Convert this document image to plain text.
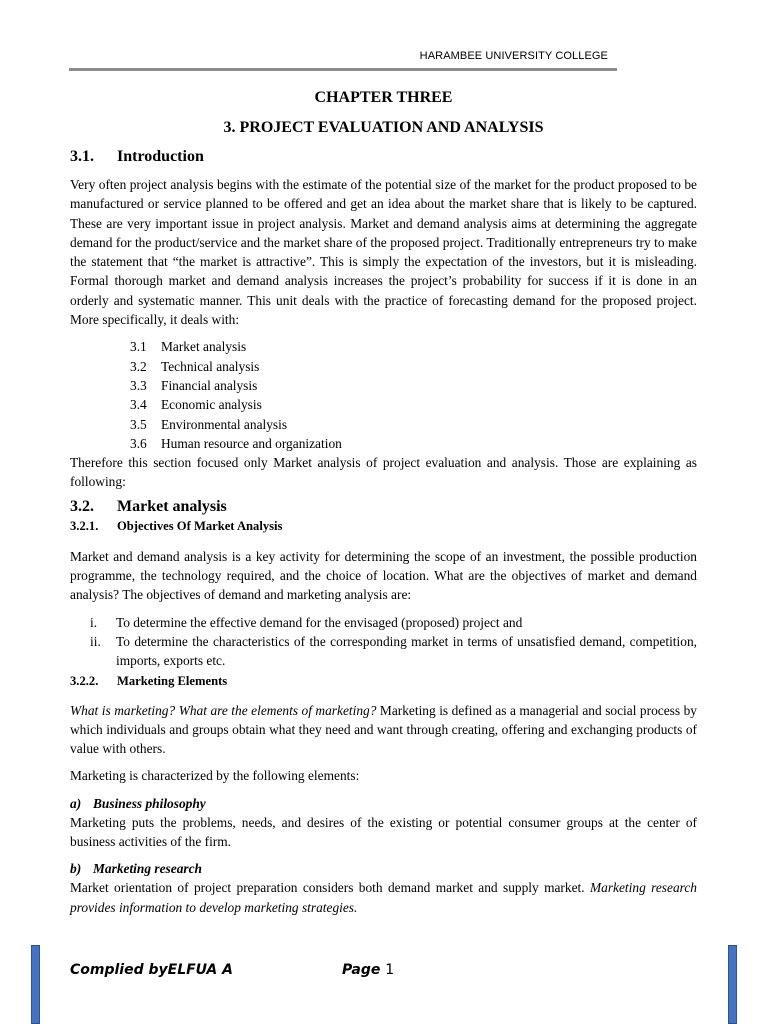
HARAMBEE UNIVERSITY COLLEGE

CHAPTER THREE

3. PROJECT EVALUATION AND ANALYSIS

3.1. Introduction

Very often project analysis begins with the estimate of the potential size of the market for the product proposed to be manufactured or service planned to be offered and get an idea about the market share that is likely to be captured. These are very important issue in project analysis. Market and demand analysis aims at determining the aggregate demand for the product/service and the market share of the proposed project. Traditionally entrepreneurs try to make the statement that “the market is attractive”. This is simply the expectation of the investors, but it is misleading. Formal thorough market and demand analysis increases the project’s probability for success if it is done in an orderly and systematic manner. This unit deals with the practice of forecasting demand for the proposed project. More specifically, it deals with:

3.1 Market analysis
3.2 Technical analysis
3.3 Financial analysis
3.4 Economic analysis
3.5 Environmental analysis
3.6 Human resource and organization

Therefore this section focused only Market analysis of project evaluation and analysis. Those are explaining as following:

3.2. Market analysis
3.2.1. Objectives Of Market Analysis

Market and demand analysis is a key activity for determining the scope of an investment, the possible production programme, the technology required, and the choice of location. What are the objectives of market and demand analysis? The objectives of demand and marketing analysis are:

i.	To determine the effective demand for the envisaged (proposed) project and
ii.	To determine the characteristics of the corresponding market in terms of unsatisfied demand, competition, imports, exports etc.
3.2.2. Marketing Elements

What is marketing? What are the elements of marketing? Marketing is defined as a managerial and social process by which individuals and groups obtain what they need and want through creating, offering and exchanging products of value with others.

Marketing is characterized by the following elements:

a) Business philosophy

Marketing puts the problems, needs, and desires of the existing or potential consumer groups at the center of business activities of the firm.

b) Marketing research

Market orientation of project preparation considers both demand market and supply market. Marketing research provides information to develop marketing strategies.

Complied byELFUA A	Page 1
